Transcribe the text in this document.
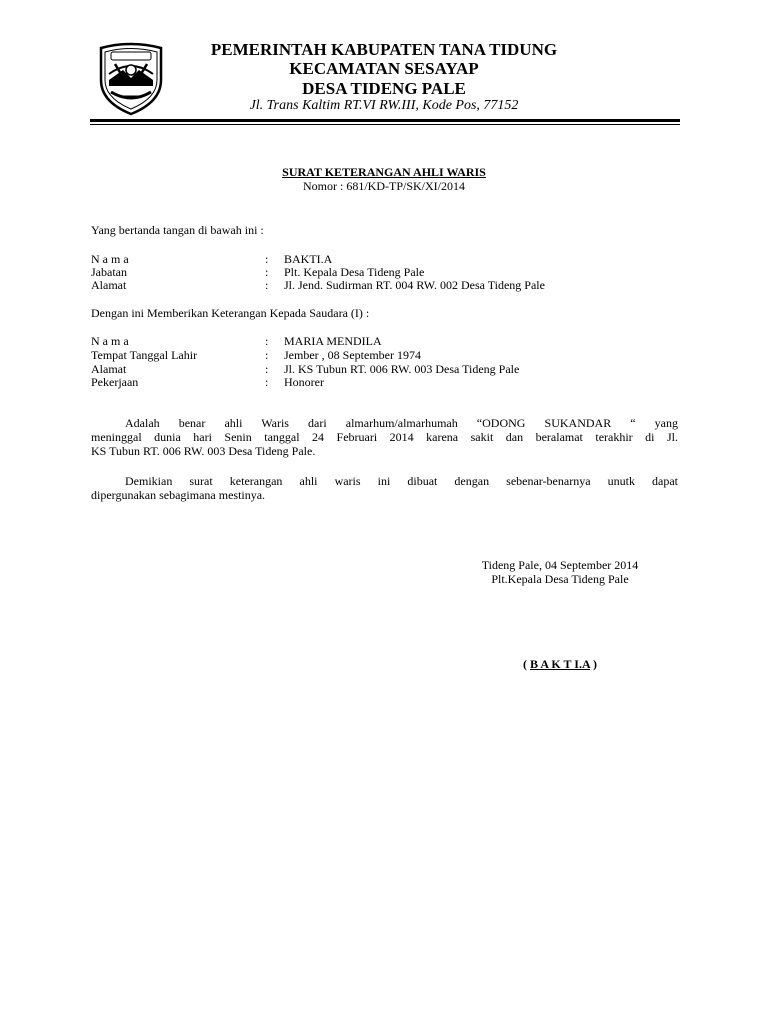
PEMERINTAH KABUPATEN TANA TIDUNG
KECAMATAN SESAYAP
DESA TIDENG PALE
Jl. Trans Kaltim RT.VI RW.III, Kode Pos, 77152
SURAT KETERANGAN AHLI WARIS
Nomor : 681/KD-TP/SK/XI/2014
Yang bertanda tangan di bawah ini :
N a m a	: BAKTI.A
Jabatan	: Plt. Kepala Desa Tideng Pale
Alamat	: Jl. Jend. Sudirman RT. 004 RW. 002 Desa Tideng Pale
Dengan ini Memberikan Keterangan Kepada Saudara (I) :
N a m a	: MARIA MENDILA
Tempat Tanggal Lahir	: Jember , 08 September 1974
Alamat	: Jl. KS Tubun RT. 006 RW. 003 Desa Tideng Pale
Pekerjaan	: Honorer
Adalah benar ahli Waris dari almarhum/almarhumah “ODONG SUKANDAR “ yang
meninggal dunia hari Senin tanggal 24 Februari 2014 karena sakit dan beralamat terakhir di Jl.
KS Tubun RT. 006 RW. 003 Desa Tideng Pale.
Demikian surat keterangan ahli waris ini dibuat dengan sebenar-benarnya unutk dapat
dipergunakan sebagimana mestinya.
Tideng Pale, 04 September 2014
Plt.Kepala Desa Tideng Pale
( B A K T I.A )
